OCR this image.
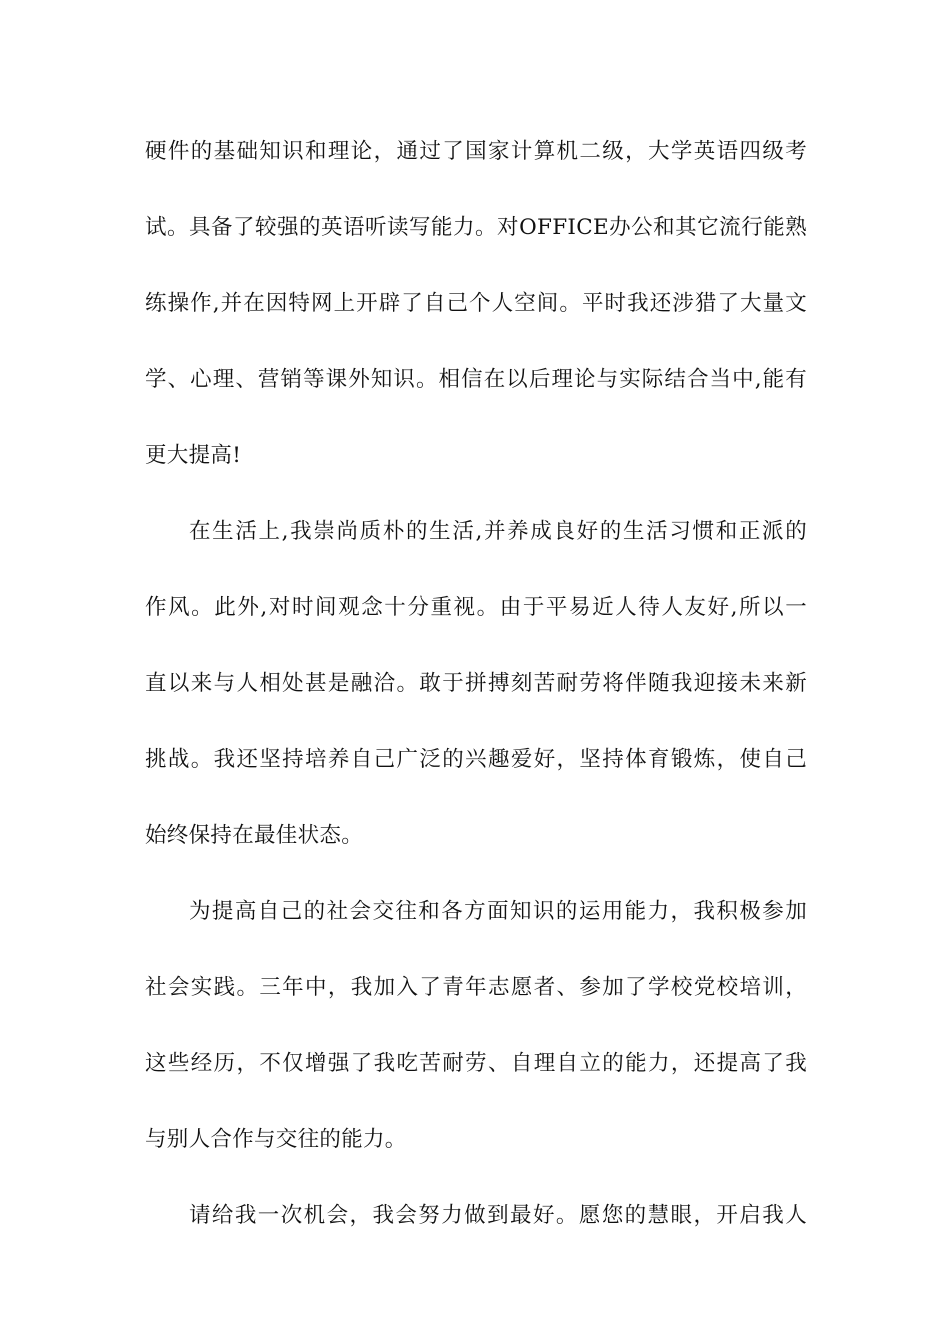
硬件的基础知识和理论，通过了国家计算机二级，大学英语四级考
试。具备了较强的英语听读写能力。对OFFICE办公和其它流行能熟
练操作,并在因特网上开辟了自己个人空间。平时我还涉猎了大量文
学、心理、营销等课外知识。相信在以后理论与实际结合当中,能有
更大提高!
在生活上,我崇尚质朴的生活,并养成良好的生活习惯和正派的
作风。此外,对时间观念十分重视。由于平易近人待人友好,所以一
直以来与人相处甚是融洽。敢于拼搏刻苦耐劳将伴随我迎接未来新
挑战。我还坚持培养自己广泛的兴趣爱好，坚持体育锻炼，使自己
始终保持在最佳状态。
为提高自己的社会交往和各方面知识的运用能力，我积极参加
社会实践。三年中，我加入了青年志愿者、参加了学校党校培训，
这些经历，不仅增强了我吃苦耐劳、自理自立的能力，还提高了我
与别人合作与交往的能力。
请给我一次机会，我会努力做到最好。愿您的慧眼，开启我人
